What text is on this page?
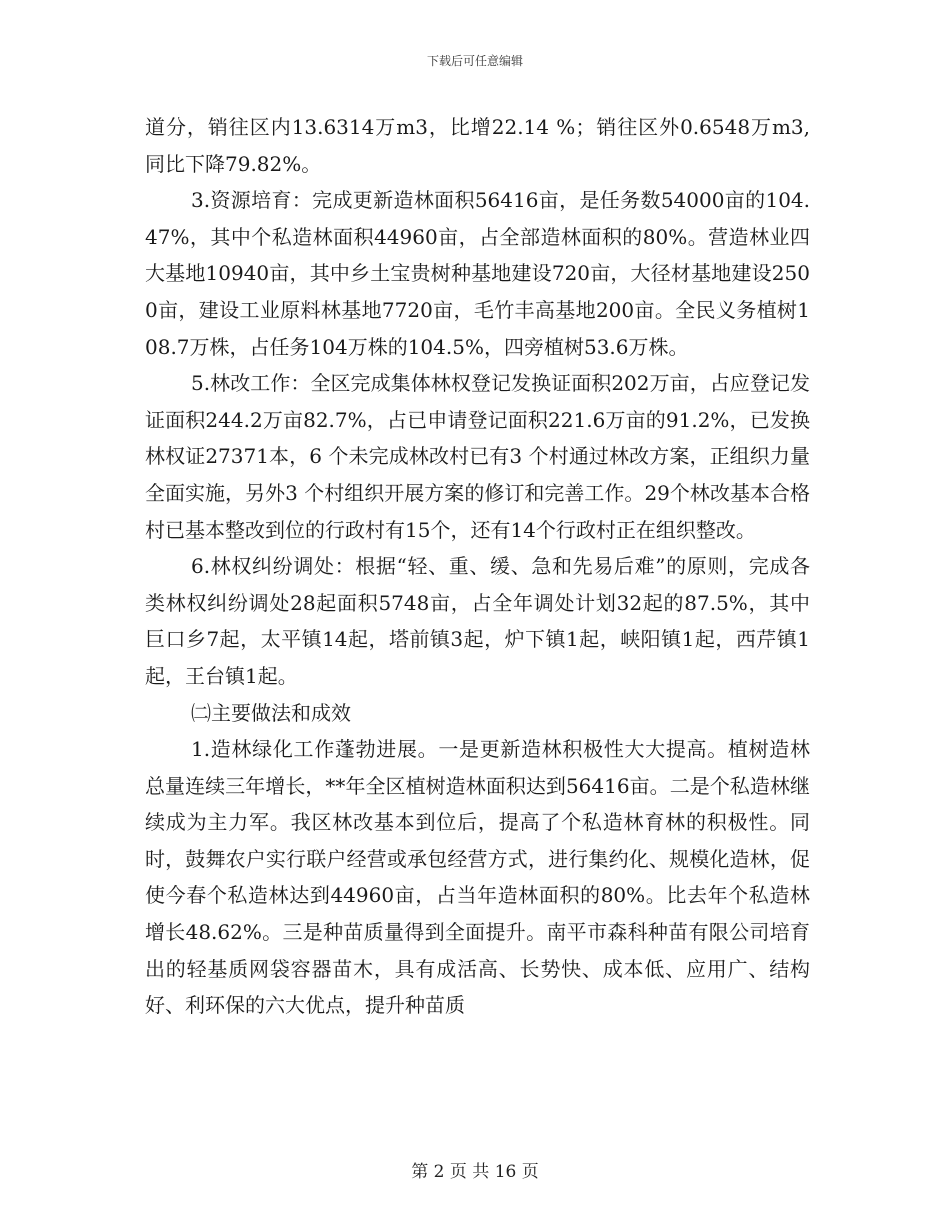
下载后可任意编辑

道分，销往区内13.6314万m3，比增22.14 %；销往区外0.6548万m3,同比下降79.82%。

3.资源培育：完成更新造林面积56416亩，是任务数54000亩的104.47%，其中个私造林面积44960亩，占全部造林面积的80%。营造林业四大基地10940亩，其中乡土宝贵树种基地建设720亩，大径材基地建设2500亩，建设工业原料林基地7720亩，毛竹丰高基地200亩。全民义务植树108.7万株，占任务104万株的104.5%，四旁植树53.6万株。

5.林改工作：全区完成集体林权登记发换证面积202万亩，占应登记发证面积244.2万亩82.7%，占已申请登记面积221.6万亩的91.2%，已发换林权证27371本，6 个未完成林改村已有3 个村通过林改方案，正组织力量全面实施，另外3 个村组织开展方案的修订和完善工作。29个林改基本合格村已基本整改到位的行政村有15个，还有14个行政村正在组织整改。

6.林权纠纷调处：根据“轻、重、缓、急和先易后难”的原则，完成各类林权纠纷调处28起面积5748亩，占全年调处计划32起的87.5%，其中巨口乡7起，太平镇14起，塔前镇3起，炉下镇1起，峡阳镇1起，西芹镇1起，王台镇1起。

㈡主要做法和成效

1.造林绿化工作蓬勃进展。一是更新造林积极性大大提高。植树造林总量连续三年增长，**年全区植树造林面积达到56416亩。二是个私造林继续成为主力军。我区林改基本到位后，提高了个私造林育林的积极性。同时，鼓舞农户实行联户经营或承包经营方式，进行集约化、规模化造林，促使今春个私造林达到44960亩，占当年造林面积的80%。比去年个私造林增长48.62%。三是种苗质量得到全面提升。南平市森科种苗有限公司培育出的轻基质网袋容器苗木，具有成活高、长势快、成本低、应用广、结构好、利环保的六大优点，提升种苗质

第 2 页 共 16 页
